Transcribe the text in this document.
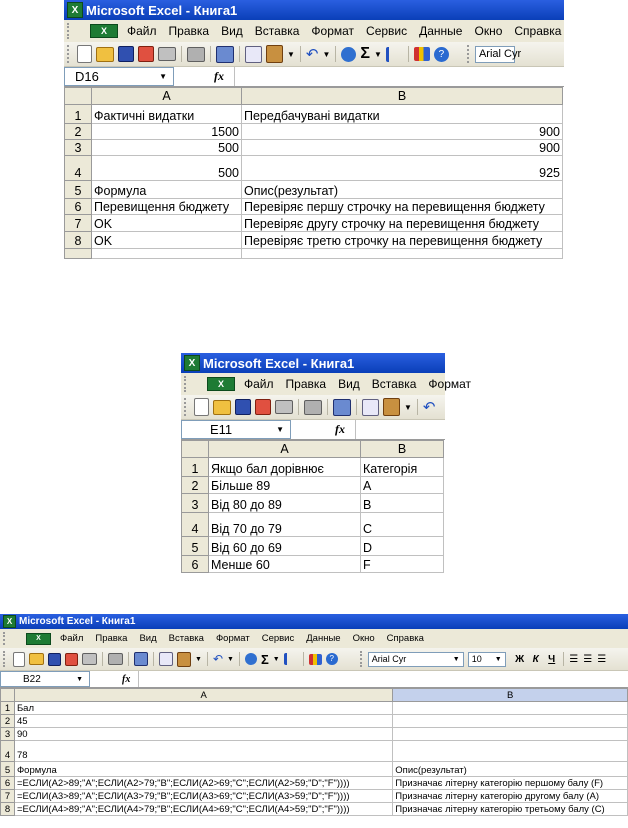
X Microsoft Excel - Книга1
X	Файл	Правка	Вид	Вставка	Формат	Сервис	Данные	Окно	Справка
▼ ↶ ▼ Σ ▼	?	Arial Cyr
D16	▼	fx
	A	B
1	Фактичні видатки	Передбачувані видатки
2	1500	900
3	500	900
4	500	925
5	Формула	Опис(результат)
6	Перевищення бюджету	Перевіряє першу строчку на перевищення бюджету
7	OK	Перевіряє другу строчку на перевищення бюджету
8	OK	Перевіряє третю строчку на перевищення бюджету

X Microsoft Excel - Книга1
X	Файл	Правка	Вид	Вставка	Формат
▼ ↶
E11	▼	fx
	A	B
1	Якщо бал дорівнює	Категорія
2	Більше 89	A
3	Від 80 до 89	B
4	Від 70 до 79	C
5	Від 60 до 69	D
6	Менше 60	F
X Microsoft Excel - Книга1
X	Файл	Правка	Вид	Вставка	Формат	Сервис	Данные	Окно	Справка
▼ ↶ ▼ Σ ▼	?	Arial Cyr	▼ 10 ▼	Ж К Ч	☰ ☰ ☰
B22	▼	fx
	A	B
1	Бал	
2	45	
3	90	
4	78	
5	Формула	Опис(результат)
6	=ЕСЛИ(A2>89;"A";ЕСЛИ(A2>79;"B";ЕСЛИ(A2>69;"C";ЕСЛИ(A2>59;"D";"F"))))	Призначає літерну категорію першому балу (F)
7	=ЕСЛИ(A3>89;"A";ЕСЛИ(A3>79;"B";ЕСЛИ(A3>69;"C";ЕСЛИ(A3>59;"D";"F"))))	Призначає літерну категорію другому балу (A)
8	=ЕСЛИ(A4>89;"A";ЕСЛИ(A4>79;"B";ЕСЛИ(A4>69;"C";ЕСЛИ(A4>59;"D";"F"))))	Призначає літерну категорію третьому балу (C)
